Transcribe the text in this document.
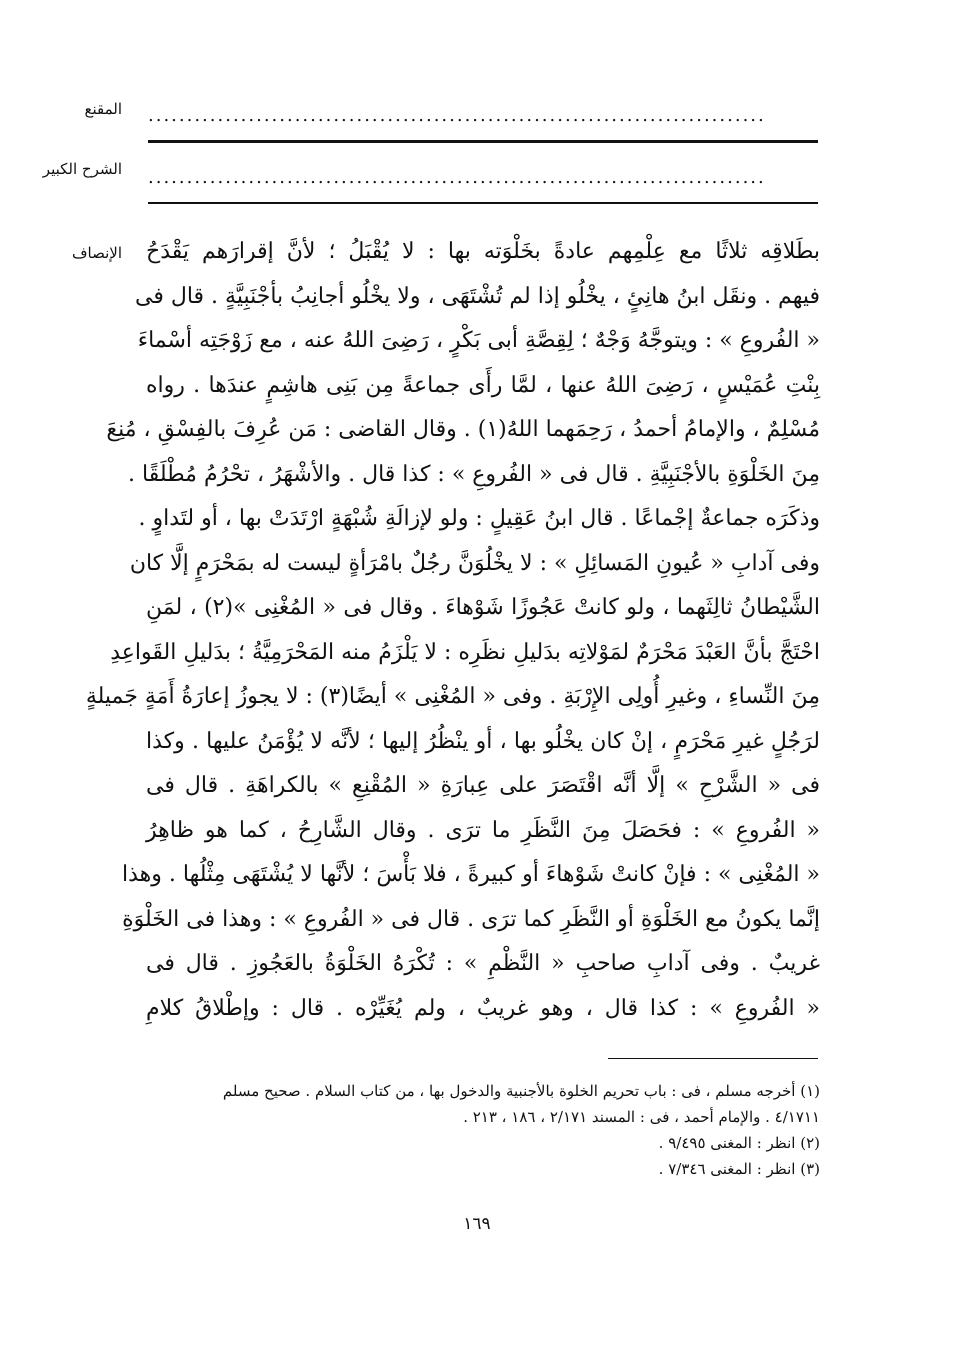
المقنع ................................................................................
الشرح الكبير ................................................................................
الإنصاف بطَلاقِه ثلاثًا مع عِلْمِهم عادةً بخَلْوَته بها : لا يُقْبَلُ ؛ لأنَّ إقرارَهم يَقْدَحُ
فيهم . ونقَل ابنُ هانِئٍ ، يخْلُو إذا لم تُشْتَهَى ، ولا يخْلُو أجانِبُ بأجْنَبِيَّةٍ . قال فى
« الفُروعِ » : ويتوجَّهُ وَجْهٌ ؛ لِقِصَّةِ أبى بَكْرٍ ، رَضِىَ اللهُ عنه ، مع زَوْجَتِه أسْماءَ
بِنْتِ عُمَيْسٍ ، رَضِىَ اللهُ عنها ، لمَّا رأَى جماعةً مِن بَنِى هاشِمٍ عندَها . رواه
مُسْلِمٌ ، والإمامُ أحمدُ ، رَحِمَهما اللهُ(١) . وقال القاضى : مَن عُرِفَ بالفِسْقِ ، مُنِعَ
مِنَ الخَلْوَةِ بالأجْنَبِيَّةِ . قال فى « الفُروعِ » : كذا قال . والأشْهَرُ ، تحْرُمُ مُطْلَقًا .
وذكَرَه جماعةٌ إجْماعًا . قال ابنُ عَقِيلٍ : ولو لإزالَةِ شُبْهَةٍ ارْتَدَتْ بها ، أو لتَداوٍ .
وفى آدابِ « عُيونِ المَسائِلِ » : لا يخْلُوَنَّ رجُلٌ بامْرَأةٍ ليست له بمَحْرَمٍ إلَّا كان
الشَّيْطانُ ثالِثَهما ، ولو كانتْ عَجُوزًا شَوْهاءَ . وقال فى « المُغْنِى »(٢) ، لمَنِ
احْتَجَّ بأنَّ العَبْدَ مَحْرَمٌ لمَوْلاتِه بدَليلِ نظَرِه : لا يَلْزَمُ منه المَحْرَمِيَّةُ ؛ بدَليلِ القَواعِدِ
مِنَ النِّساءِ ، وغيرِ أُولِى الإِرْبَةِ . وفى « المُغْنِى » أيضًا(٣) : لا يجوزُ إعارَةُ أَمَةٍ جَميلةٍ
لرَجُلٍ غيرِ مَحْرَمٍ ، إنْ كان يخْلُو بها ، أو ينْظُرُ إليها ؛ لأنَّه لا يُؤْمَنُ عليها . وكذا
فى « الشَّرْحِ » إلَّا أنَّه اقْتَصَرَ على عِبارَةِ « المُقْنِعِ » بالكراهَةِ . قال فى
« الفُروعِ » : فحَصَلَ مِنَ النَّظَرِ ما ترَى . وقال الشَّارِحُ ، كما هو ظاهِرُ
« المُغْنِى » : فإنْ كانتْ شَوْهاءَ أو كبيرةً ، فلا بَأْسَ ؛ لأنَّها لا يُشْتَهَى مِثْلُها . وهذا
إنَّما يكونُ مع الخَلْوَةِ أو النَّظَرِ كما ترَى . قال فى « الفُروعِ » : وهذا فى الخَلْوَةِ
غريبٌ . وفى آدابِ صاحبِ « النَّظْمِ » : تُكْرَهُ الخَلْوَةُ بالعَجُوزِ . قال فى
« الفُروعِ » : كذا قال ، وهو غريبٌ ، ولم يُغَيِّرْه . قال : وإطْلاقُ كلامِ
(١) أخرجه مسلم ، فى : باب تحريم الخلوة بالأجنبية والدخول بها ، من كتاب السلام . صحيح مسلم
٤/١٧١١ . والإمام أحمد ، فى : المسند ٢/١٧١ ، ١٨٦ ، ٢١٣ .
(٢) انظر : المغنى ٩/٤٩٥ .
(٣) انظر : المغنى ٧/٣٤٦ .
١٦٩
